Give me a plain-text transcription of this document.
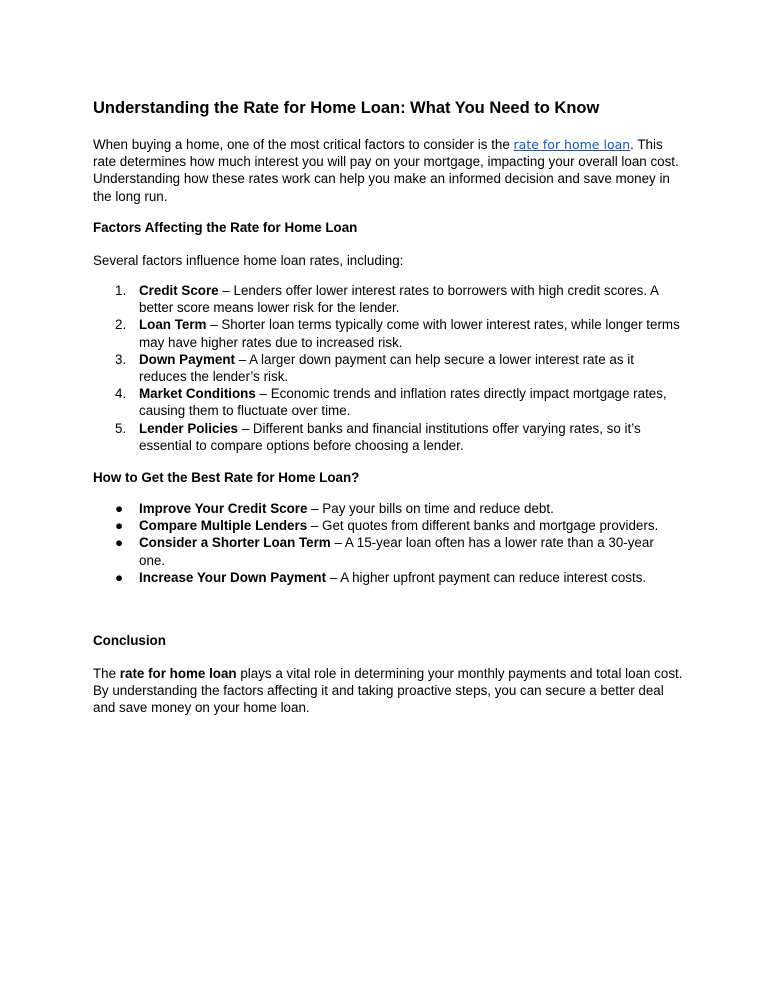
Understanding the Rate for Home Loan: What You Need to Know

When buying a home, one of the most critical factors to consider is the rate for home loan. This rate determines how much interest you will pay on your mortgage, impacting your overall loan cost. Understanding how these rates work can help you make an informed decision and save money in the long run.

Factors Affecting the Rate for Home Loan

Several factors influence home loan rates, including:

1. Credit Score – Lenders offer lower interest rates to borrowers with high credit scores. A better score means lower risk for the lender.
2. Loan Term – Shorter loan terms typically come with lower interest rates, while longer terms may have higher rates due to increased risk.
3. Down Payment – A larger down payment can help secure a lower interest rate as it reduces the lender’s risk.
4. Market Conditions – Economic trends and inflation rates directly impact mortgage rates, causing them to fluctuate over time.
5. Lender Policies – Different banks and financial institutions offer varying rates, so it’s essential to compare options before choosing a lender.
How to Get the Best Rate for Home Loan?
● Improve Your Credit Score – Pay your bills on time and reduce debt.
● Compare Multiple Lenders – Get quotes from different banks and mortgage providers.
● Consider a Shorter Loan Term – A 15-year loan often has a lower rate than a 30-year one.
● Increase Your Down Payment – A higher upfront payment can reduce interest costs.
Conclusion

The rate for home loan plays a vital role in determining your monthly payments and total loan cost. By understanding the factors affecting it and taking proactive steps, you can secure a better deal and save money on your home loan.
